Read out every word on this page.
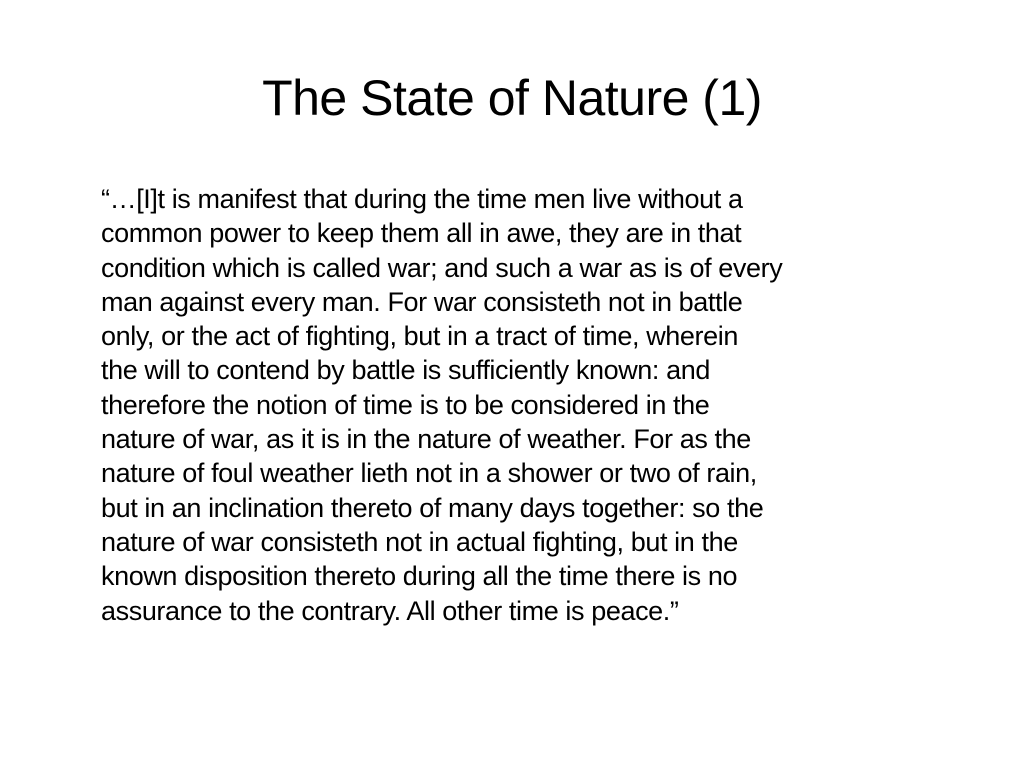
The State of Nature (1)
“…[I]t is manifest that during the time men live without a
common power to keep them all in awe, they are in that
condition which is called war; and such a war as is of every
man against every man. For war consisteth not in battle
only, or the act of fighting, but in a tract of time, wherein
the will to contend by battle is sufficiently known: and
therefore the notion of time is to be considered in the
nature of war, as it is in the nature of weather. For as the
nature of foul weather lieth not in a shower or two of rain,
but in an inclination thereto of many days together: so the
nature of war consisteth not in actual fighting, but in the
known disposition thereto during all the time there is no
assurance to the contrary. All other time is peace.”
